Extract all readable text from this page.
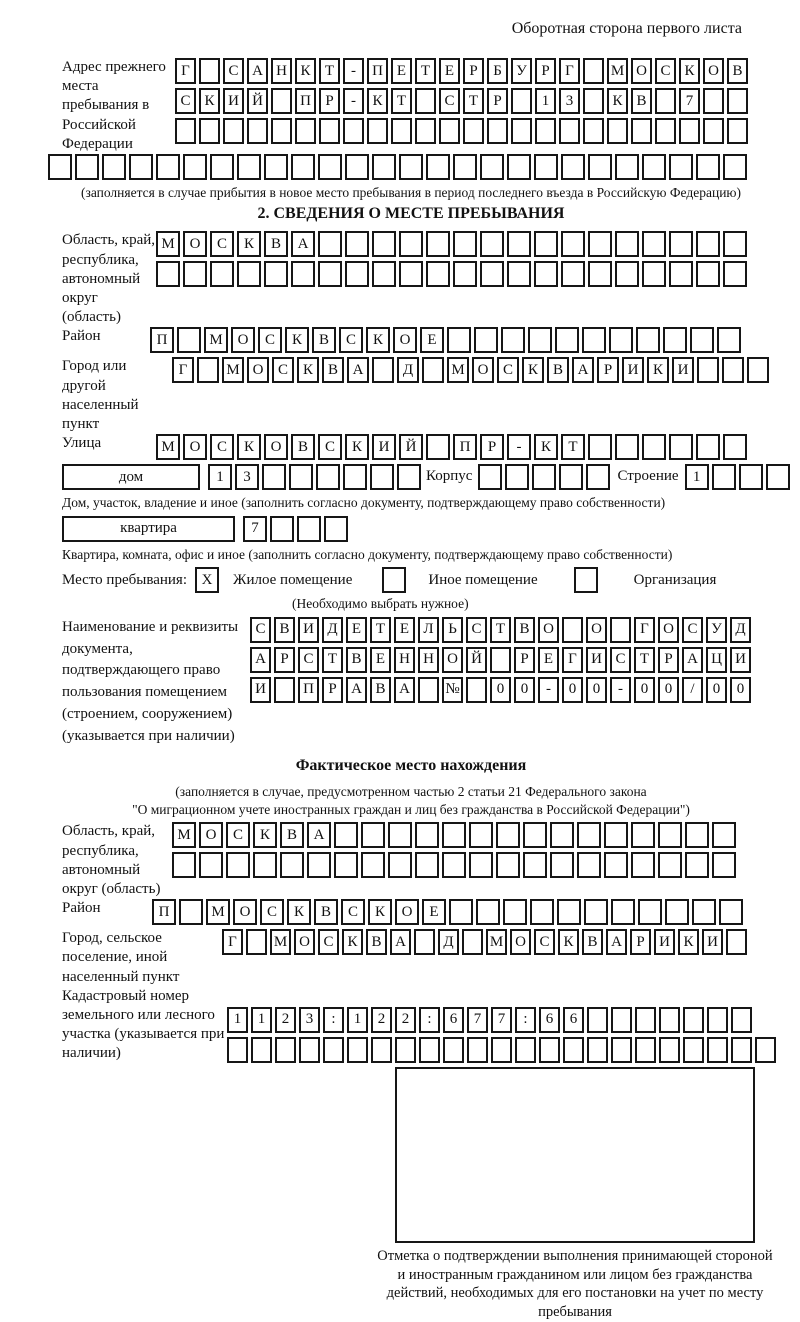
Оборотная сторона первого листа
Адрес прежнего места пребывания в Российской Федерации
Г	С А Н К Т	-	П Е Т Е	Р	Б У Р	Г	М О С К О В
С К И Й	П Р	-	К Т	С Т	Р	1	3	К В	7
(заполняется в случае прибытия в новое место пребывания в период последнего въезда в Российскую Федерацию)
2. СВЕДЕНИЯ О МЕСТЕ ПРЕБЫВАНИЯ
Область, край, республика, автономный округ (область)
М О	С	К	В	А
Район	П	М О	С	К	В	С	К	О	Е
Город или другой населенный пункт
Г	М О С К В А	Д	М О С К В А	Р	И К И
Улица	М О	С	К	О	В	С	К	И	Й	П	Р	-	К	Т
дом	1	3	Корпус	Строение 1
Дом, участок, владение и иное (заполнить согласно документу, подтверждающему право собственности)
квартира	7
Квартира, комната, офис и иное (заполнить согласно документу, подтверждающему право собственности)
Место пребывания: X	Жилое помещение	Иное помещение	Организация
(Необходимо выбрать нужное)
Наименование и реквизиты документа, подтверждающего право пользования помещением (строением, сооружением) (указывается при наличии)
С В И Д Е Т Е Л Ь С Т В О	О	Г О С У Д
А Р С Т В Е Н Н О Й	Р	Е	Г И С Т	Р А Ц И
И	П Р А В А	№	0	0	-	0	0	-	0	0	/	0	0
Фактическое место нахождения
(заполняется в случае, предусмотренном частью 2 статьи 21 Федерального закона
"О миграционном учете иностранных граждан и лиц без гражданства в Российской Федерации")
Область, край, республика, автономный округ (область)
М О	С	К	В	А
Район	П	М О	С	К	В	С	К	О	Е
Город, сельское поселение, иной населенный пункт
Г	М О С К В А	Д	М О С К В А Р И К И
Кадастровый номер земельного или лесного участка (указывается при наличии)
1	1	2	3	:	1	2	2	:	6	7	7	:	6	6
Отметка о подтверждении выполнения принимающей стороной и иностранным гражданином или лицом без гражданства действий, необходимых для его постановки на учет по месту пребывания
